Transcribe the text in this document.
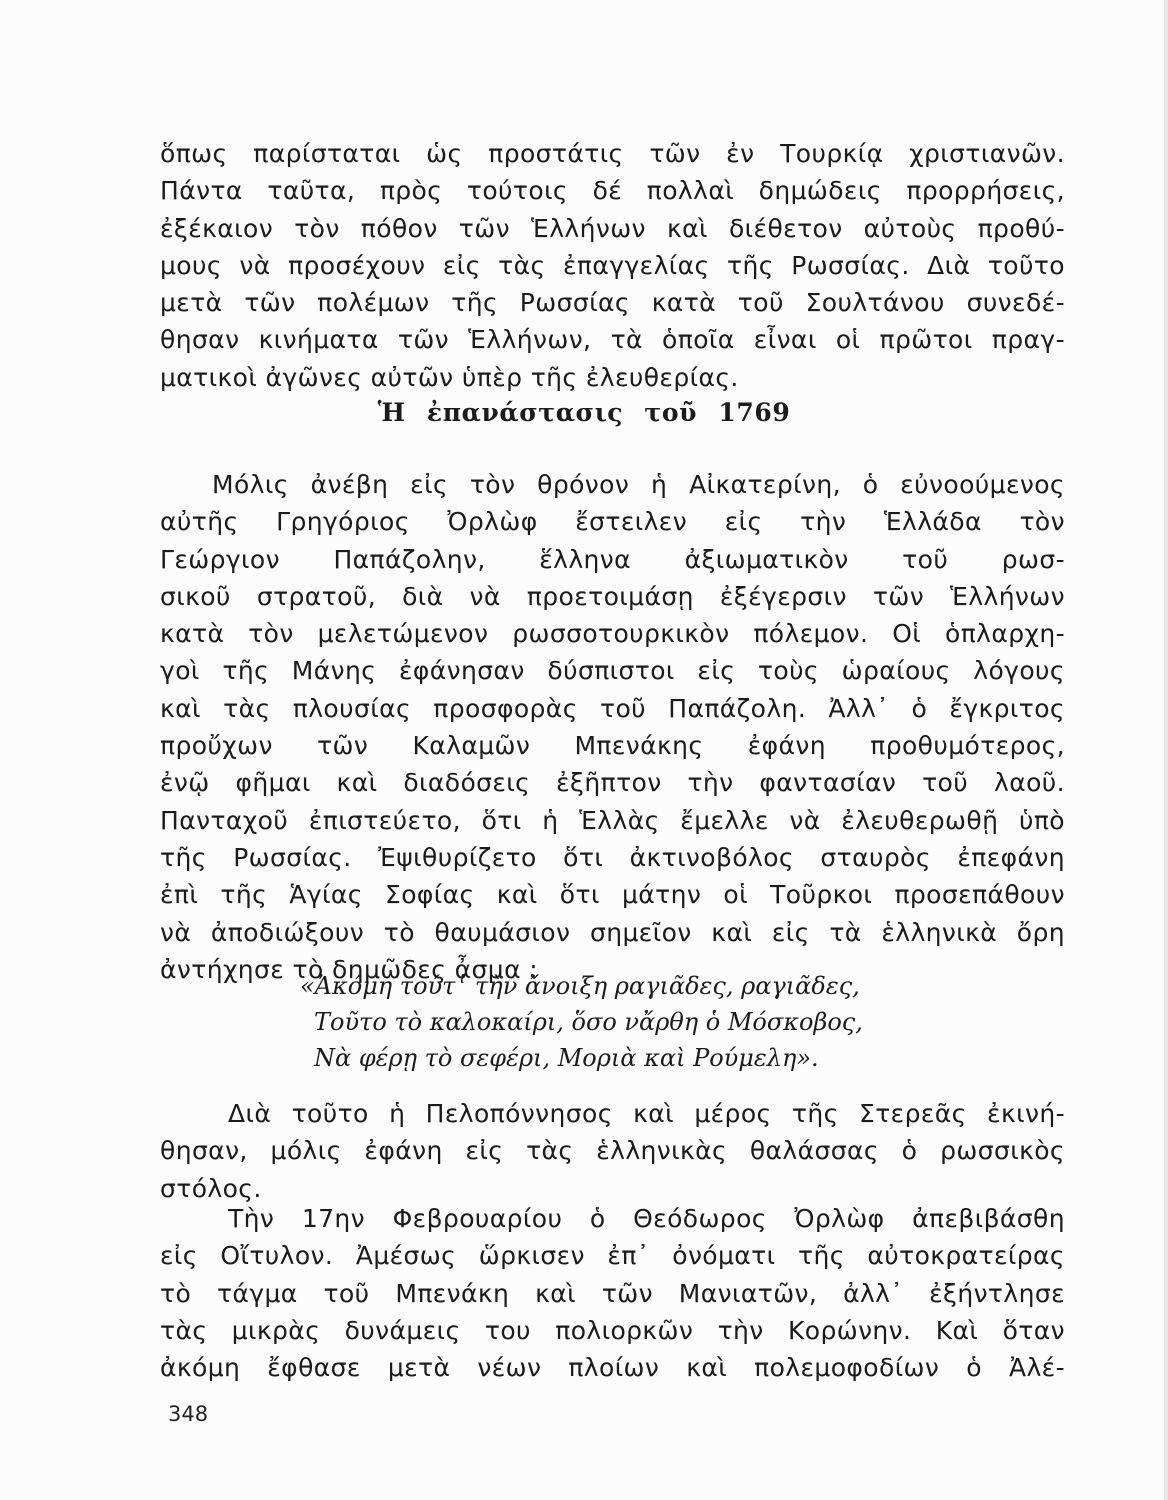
ὅπως παρίσταται ὡς προστάτις τῶν ἐν Τουρκίᾳ χριστιανῶν.
Πάντα ταῦτα, πρὸς τούτοις δέ πολλαὶ δημώδεις προρρήσεις,
ἐξέκαιον τὸν πόθον τῶν Ἑλλήνων καὶ διέθετον αὐτοὺς προθύ-
μους νὰ προσέχουν εἰς τὰς ἐπαγγελίας τῆς Ρωσσίας. Διὰ τοῦτο
μετὰ τῶν πολέμων τῆς Ρωσσίας κατὰ τοῦ Σουλτάνου συνεδέ-
θησαν κινήματα τῶν Ἑλλήνων, τὰ ὁποῖα εἶναι οἱ πρῶτοι πραγ-
ματικοὶ ἀγῶνες αὐτῶν ὑπὲρ τῆς ἐλευθερίας.
Ἡ ἐπανάστασις τοῦ 1769
Μόλις ἀνέβη εἰς τὸν θρόνον ἡ Αἰκατερίνη, ὁ εὐνοούμενος
αὐτῆς Γρηγόριος Ὀρλὼφ ἔστειλεν εἰς τὴν Ἑλλάδα τὸν
Γεώργιον Παπάζολην, ἕλληνα ἀξιωματικὸν τοῦ ρωσ-
σικοῦ στρατοῦ, διὰ νὰ προετοιμάσῃ ἐξέγερσιν τῶν Ἑλλήνων
κατὰ τὸν μελετώμενον ρωσσοτουρκικὸν πόλεμον. Οἱ ὁπλαρχη-
γοὶ τῆς Μάνης ἐφάνησαν δύσπιστοι εἰς τοὺς ὡραίους λόγους
καὶ τὰς πλουσίας προσφορὰς τοῦ Παπάζολη. Ἀλλ᾽ ὁ ἔγκριτος
προὔχων τῶν Καλαμῶν Μπενάκης ἐφάνη προθυμότερος,
ἐνῷ φῆμαι καὶ διαδόσεις ἐξῆπτον τὴν φαντασίαν τοῦ λαοῦ.
Πανταχοῦ ἐπιστεύετο, ὅτι ἡ Ἑλλὰς ἔμελλε νὰ ἐλευθερωθῇ ὑπὸ
τῆς Ρωσσίας. Ἐψιθυρίζετο ὅτι ἀκτινοβόλος σταυρὸς ἐπεφάνη
ἐπὶ τῆς Ἁγίας Σοφίας καὶ ὅτι μάτην οἱ Τοῦρκοι προσεπάθουν
νὰ ἀποδιώξουν τὸ θαυμάσιον σημεῖον καὶ εἰς τὰ ἑλληνικὰ ὄρη
ἀντήχησε τὸ δημῶδες ᾆσμα :
«Ἀκόμη τούτ᾽ τὴν ἄνοιξη ραγιᾶδες, ραγιᾶδες,
Τοῦτο τὸ καλοκαίρι, ὅσο νἄρθη ὁ Μόσκοβος,
Νὰ φέρῃ τὸ σεφέρι, Μοριὰ καὶ Ρούμελη».
Διὰ τοῦτο ἡ Πελοπόννησος καὶ μέρος τῆς Στερεᾶς ἐκινή-
θησαν, μόλις ἐφάνη εἰς τὰς ἑλληνικὰς θαλάσσας ὁ ρωσσικὸς
στόλος.
Τὴν 17ην Φεβρουαρίου ὁ Θεόδωρος Ὀρλὼφ ἀπεβιβάσθη
εἰς Οἴτυλον. Ἀμέσως ὥρκισεν ἐπ᾽ ὀνόματι τῆς αὐτοκρατείρας
τὸ τάγμα τοῦ Μπενάκη καὶ τῶν Μανιατῶν, ἀλλ᾽ ἐξήντλησε
τὰς μικρὰς δυνάμεις του πολιορκῶν τὴν Κορώνην. Καὶ ὅταν
ἀκόμη ἔφθασε μετὰ νέων πλοίων καὶ πολεμοφοδίων ὁ Ἀλέ-
348
